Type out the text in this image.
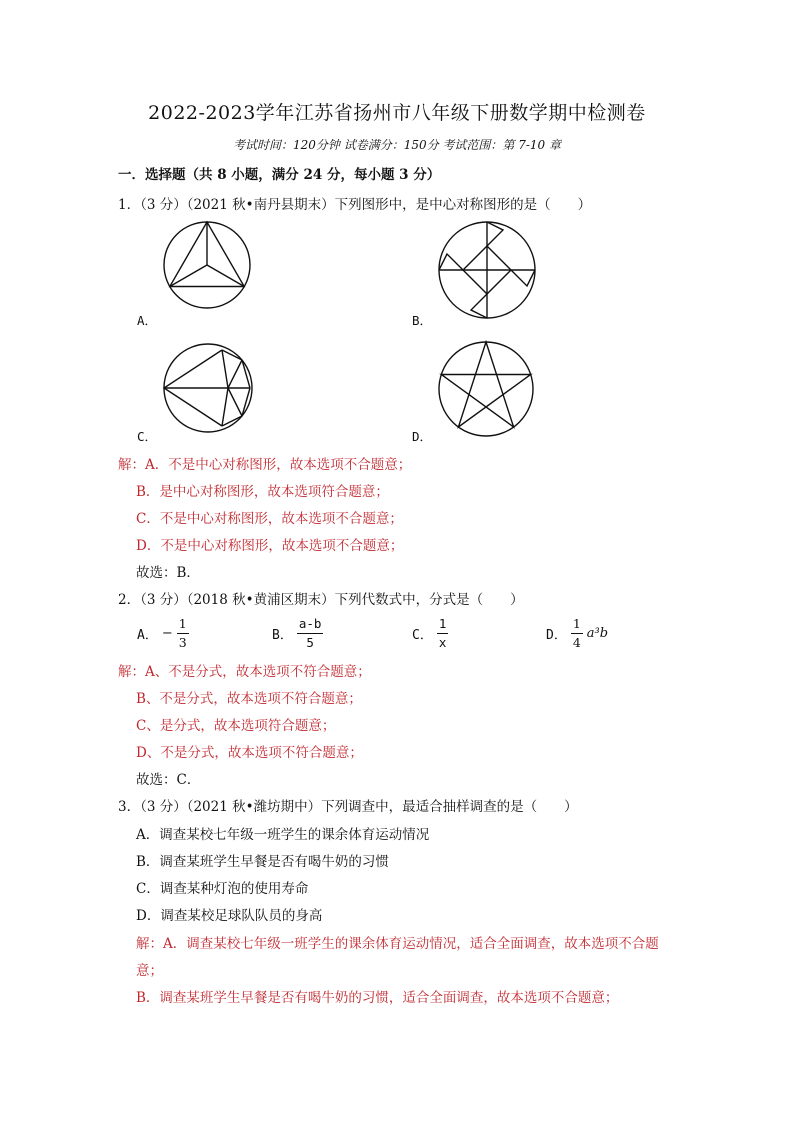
2022-2023学年江苏省扬州市八年级下册数学期中检测卷
考试时间：120分钟 试卷满分：150分 考试范围：第 7-10 章
一．选择题（共 8 小题，满分 24 分，每小题 3 分）
1．（3 分）（2021 秋•南丹县期末）下列图形中，是中心对称图形的是（　　）
A．	B．
C．	D．
解：A．不是中心对称图形，故本选项不合题意；
B．是中心对称图形，故本选项符合题意；
C．不是中心对称图形，故本选项不合题意；
D．不是中心对称图形，故本选项不合题意；
故选：B．
2．（3 分）（2018 秋•黄浦区期末）下列代数式中，分式是（　　）
A． − $\frac{1}{3}$	B． $\frac{a-b}{5}$	C． $\frac{1}{x}$	D． $\frac{1}{4} a^3b$
解：A、不是分式，故本选项不符合题意；
B、不是分式，故本选项不符合题意；
C、是分式，故本选项符合题意；
D、不是分式，故本选项不符合题意；
故选：C．
3．（3 分）（2021 秋•潍坊期中）下列调查中，最适合抽样调查的是（　　）
A．调查某校七年级一班学生的课余体育运动情况
B．调查某班学生早餐是否有喝牛奶的习惯
C．调查某种灯泡的使用寿命
D．调查某校足球队队员的身高
解：A．调查某校七年级一班学生的课余体育运动情况，适合全面调查，故本选项不合题
意；
B．调查某班学生早餐是否有喝牛奶的习惯，适合全面调查，故本选项不合题意；
